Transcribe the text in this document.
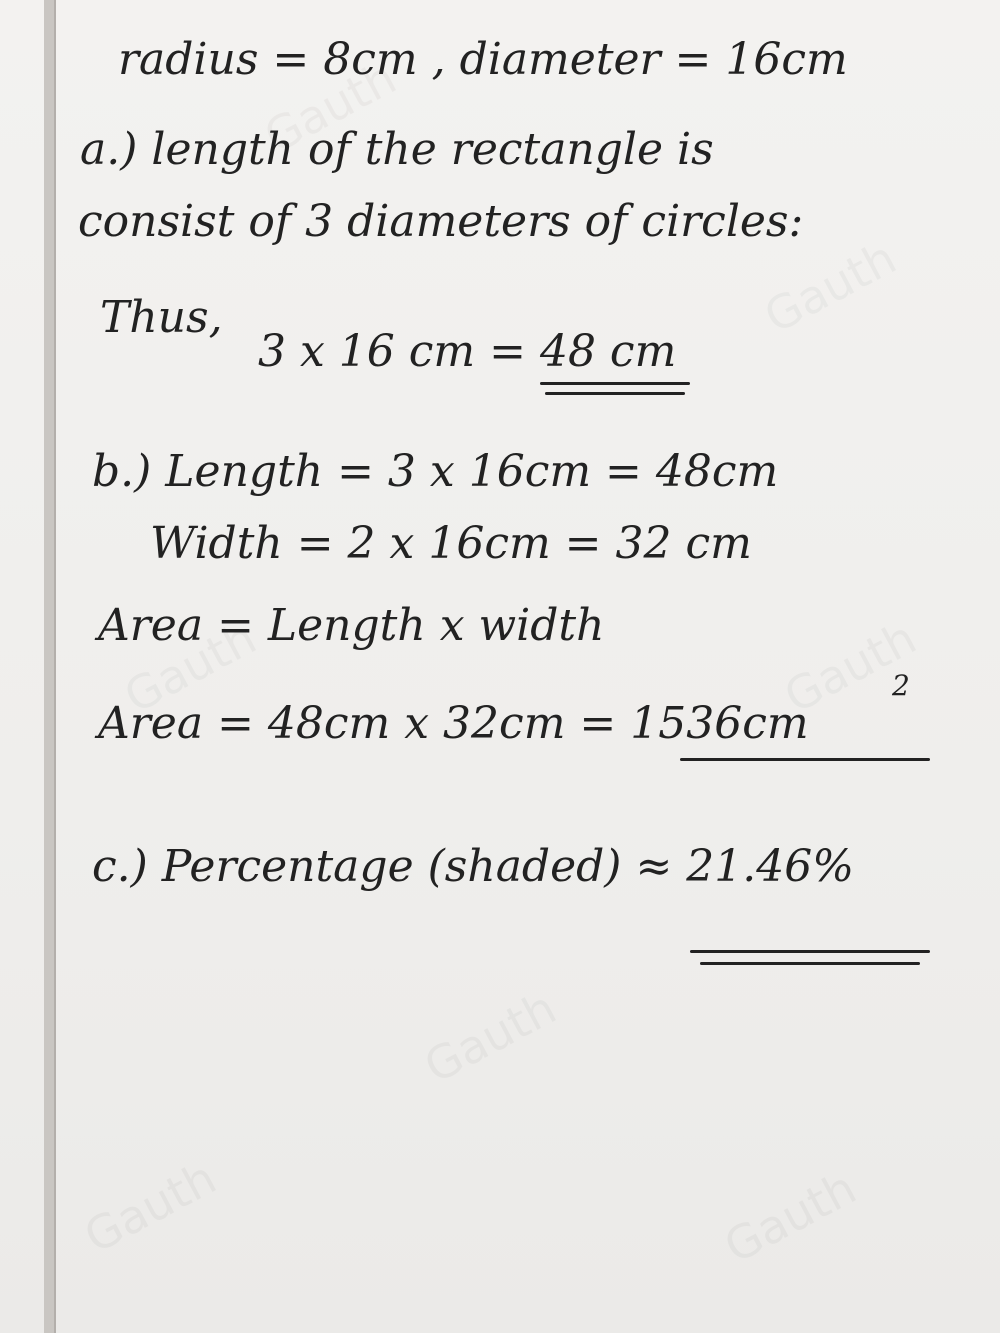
radius = 8cm , diameter = 16cm

a.) length of the rectangle is

consist of 3 diameters of circles:

Thus,

3 x 16 cm = 48 cm

b.) Length = 3 x 16cm = 48cm

Width = 2 x 16cm = 32 cm

Area = Length x width

Area = 48cm x 32cm = 1536cm

2

c.) Percentage (shaded) ≈ 21.46%
